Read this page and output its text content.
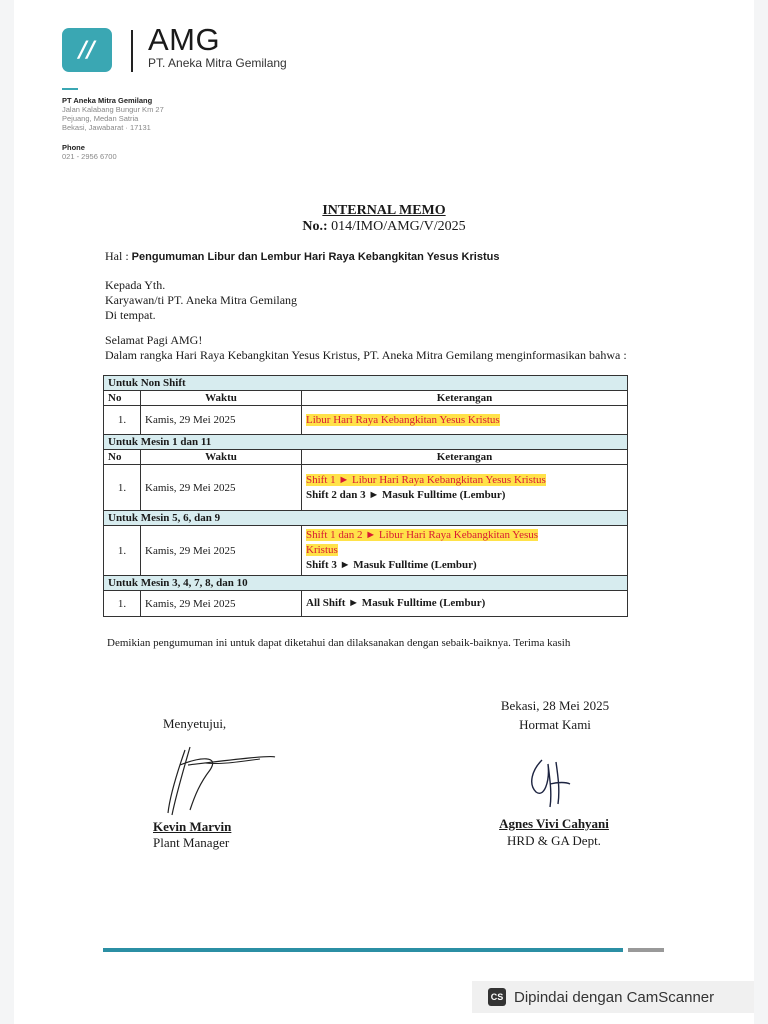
// AMG
PT. Aneka Mitra Gemilang
PT Aneka Mitra Gemilang
Jalan Kalabang Bungur Km 27
Pejuang, Medan Satria
Bekasi, Jawabarat · 17131
Phone
021 - 2956 6700
INTERNAL MEMO
No.: 014/IMO/AMG/V/2025
Hal : Pengumuman Libur dan Lembur Hari Raya Kebangkitan Yesus Kristus
Kepada Yth.
Karyawan/ti PT. Aneka Mitra Gemilang
Di tempat.
Selamat Pagi AMG!
Dalam rangka Hari Raya Kebangkitan Yesus Kristus, PT. Aneka Mitra Gemilang menginformasikan bahwa :
Untuk Non Shift		
No	Waktu	Keterangan
1.	Kamis, 29 Mei 2025	Libur Hari Raya Kebangkitan Yesus Kristus
Untuk Mesin 1 dan 11		
No	Waktu	Keterangan
1.	Kamis, 29 Mei 2025	Shift 1 ► Libur Hari Raya Kebangkitan Yesus Kristus
Shift 2 dan 3 ► Masuk Fulltime (Lembur)

Untuk Mesin 5, 6, dan 9		
1.	Kamis, 29 Mei 2025	Shift 1 dan 2 ► Libur Hari Raya Kebangkitan Yesus
Kristus
Shift 3 ► Masuk Fulltime (Lembur)

Untuk Mesin 3, 4, 7, 8, dan 10		
1.	Kamis, 29 Mei 2025	All Shift ► Masuk Fulltime (Lembur)
Demikian pengumuman ini untuk dapat diketahui dan dilaksanakan dengan sebaik-baiknya. Terima kasih
Bekasi, 28 Mei 2025
Hormat Kami
Menyetujui,
Kevin Marvin
Plant Manager
Agnes Vivi Cahyani
HRD & GA Dept.
CS Dipindai dengan CamScanner
